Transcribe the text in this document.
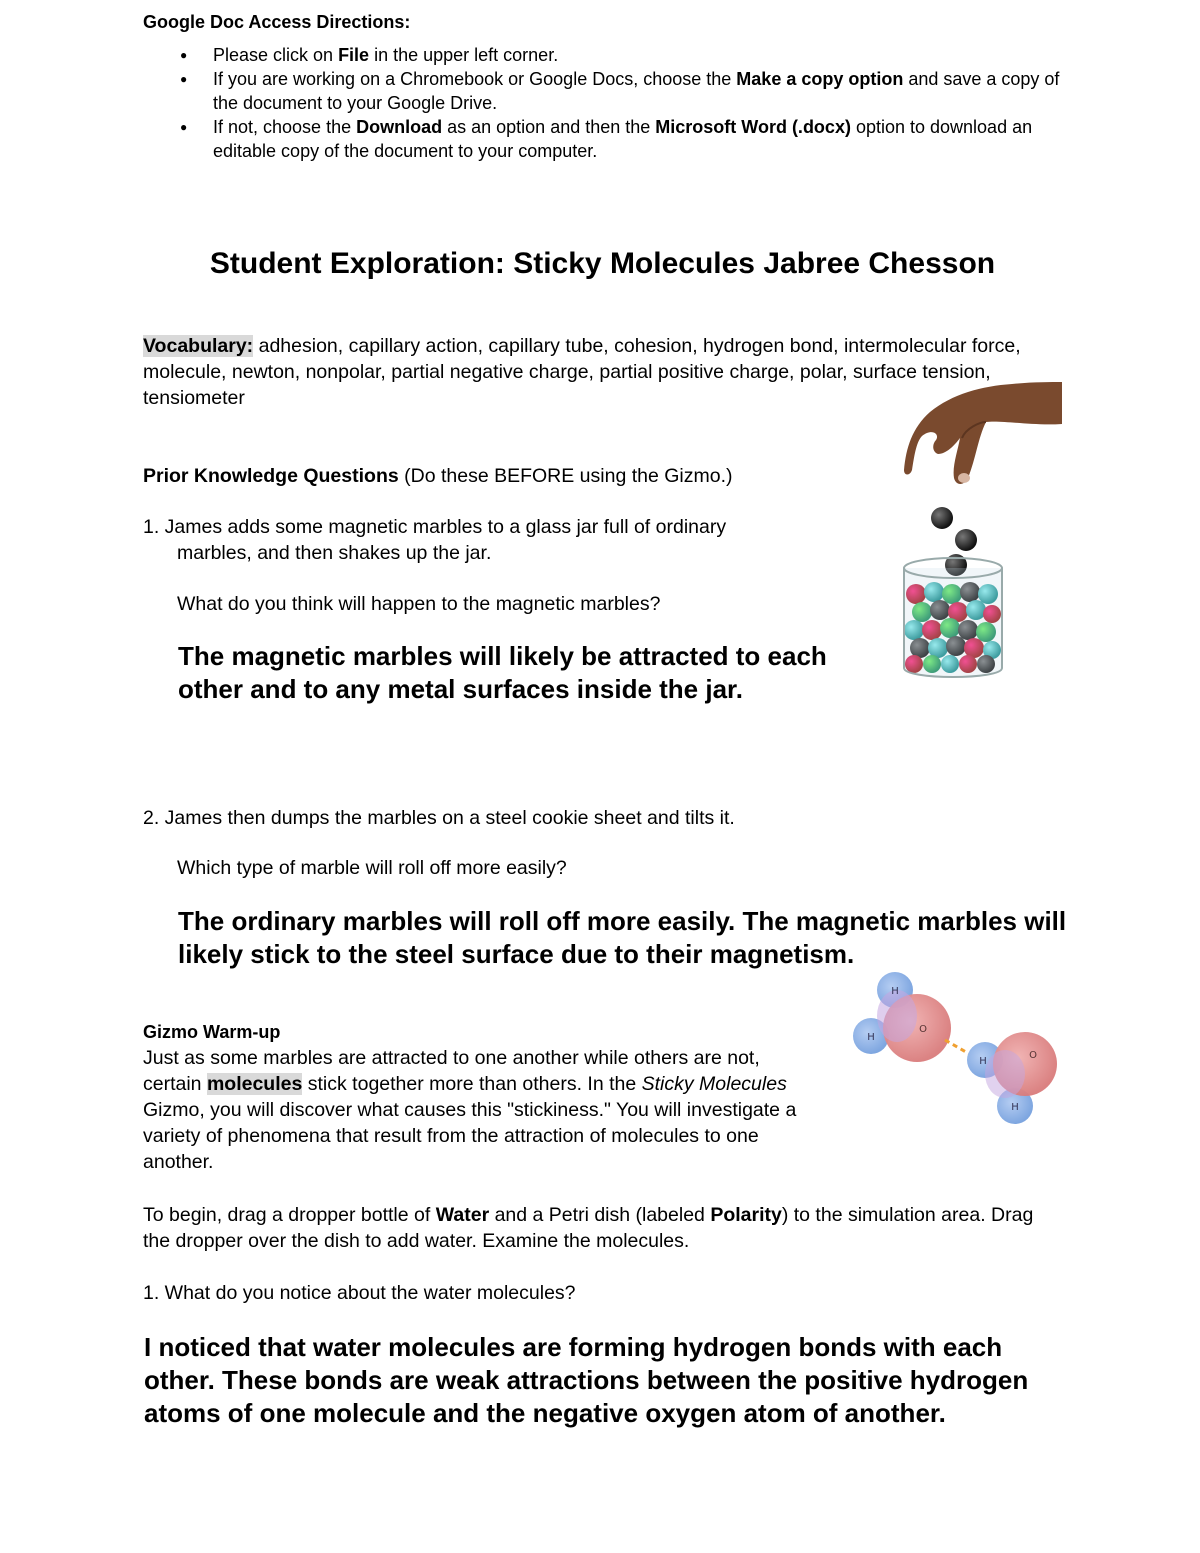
Google Doc Access Directions:
● Please click on File in the upper left corner.
● If you are working on a Chromebook or Google Docs, choose the Make a copy option and save a copy of the document to your Google Drive.
● If not, choose the Download as an option and then the Microsoft Word (.docx) option to download an editable copy of the document to your computer.
Student Exploration: Sticky Molecules Jabree Chesson
Vocabulary: adhesion, capillary action, capillary tube, cohesion, hydrogen bond, intermolecular force, molecule, newton, nonpolar, partial negative charge, partial positive charge, polar, surface tension, tensiometer
Prior Knowledge Questions (Do these BEFORE using the Gizmo.)
1. James adds some magnetic marbles to a glass jar full of ordinary
marbles, and then shakes up the jar.
What do you think will happen to the magnetic marbles?
The magnetic marbles will likely be attracted to each other and to any metal surfaces inside the jar.
2. James then dumps the marbles on a steel cookie sheet and tilts it.
Which type of marble will roll off more easily?
The ordinary marbles will roll off more easily. The magnetic marbles will likely stick to the steel surface due to their magnetism.
H
H
O
H
H
O
Gizmo Warm-up
Just as some marbles are attracted to one another while others are not, certain molecules stick together more than others. In the Sticky Molecules Gizmo, you will discover what causes this "stickiness." You will investigate a variety of phenomena that result from the attraction of molecules to one another.
To begin, drag a dropper bottle of Water and a Petri dish (labeled Polarity) to the simulation area. Drag the dropper over the dish to add water. Examine the molecules.
1. What do you notice about the water molecules?
I noticed that water molecules are forming hydrogen bonds with each other. These bonds are weak attractions between the positive hydrogen atoms of one molecule and the negative oxygen atom of another.
